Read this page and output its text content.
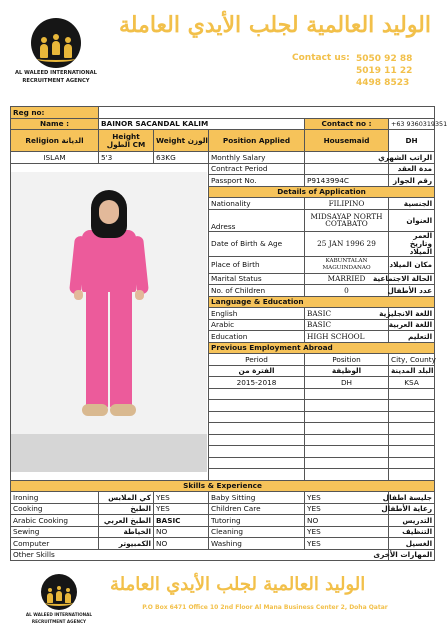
AL WALEED INTERNATIONAL
RECRUITMENT AGENCY
الوليد العالمية لجلب الأيدي العاملة
Contact us: 5050 92 88
5019 11 22
4498 8523
Reg no:					
Name :	BAINOR SACANDAL KALIM			Contact no :	+63 9360319351
Religion الديانة	Height الطول CM	Weight الوزن	Position Applied	Housemaid	DH
ISLAM	5'3	63KG	Monthly Salary		الراتب الشهري

			Contract Period		مدة العقد
			Passport No.	P9143994C	رقم الجواز
			Details of Application		
			Nationality	FILIPINO	الجنسية
			Adress	MIDSAYAP NORTH COTABATO	العنوان
			Date of Birth & Age	25 JAN 1996 29	العمر وتاريخ الميلاد
			Place of Birth	KABUNTALAN MAGUINDANAO	مكان الميلاد
			Marital Status	MARRIED	الحالة الاجتماعية
			No. of Children	0	عدد الأطفال
			Language & Education		
			English	BASIC	اللغة الانجليزية
			Arabic	BASIC	اللغة العربية
			Education	HIGH SCHOOL	التعليم
			Previous Employment Abroad		
			Period	Position	City, County
			الفترة من	الوظيفة	البلد المدينة
			2015-2018	DH	KSA

Skills & Experience					
Ironing	كي الملابس	YES	Baby Sitting	YES	جليسة اطفال
Cooking	الطبخ	YES	Children Care	YES	رعاية الأطفال
Arabic Cooking	الطبخ العربي	BASIC	Tutoring	NO	التدريس
Sewing	الخياطة	NO	Cleaning	YES	التنظيف
Computer	الكمبيوتر	NO	Washing	YES	الغسيل
Other Skills					المهارات الأخرى
AL WALEED INTERNATIONAL
RECRUITMENT AGENCY
الوليد العالمية لجلب الأيدي العاملة
P.O Box 6471 Office 10 2nd Floor Al Mana Business Center 2, Doha Qatar
